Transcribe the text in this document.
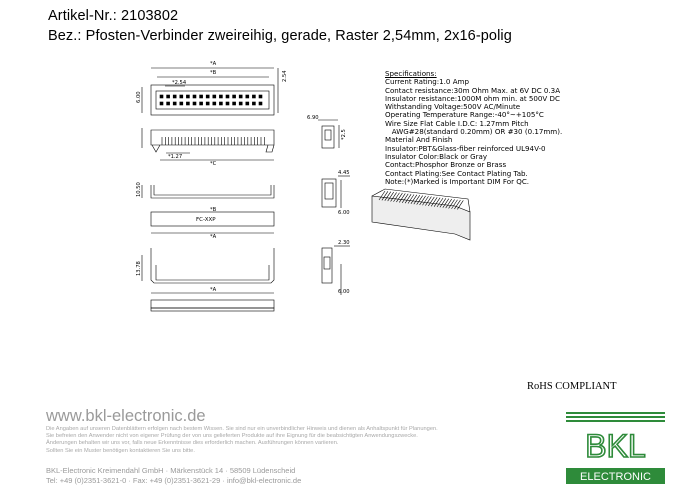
Artikel-Nr.: 2103802
Bez.: Pfosten-Verbinder zweireihig, gerade, Raster 2,54mm, 2x16-polig
*A
*B
*2.54
*1.27
*C
*B
*A
*A
6.90
4.45
6.00
2.30
6.00
FC-XXP
6.00
2.54
10.50
13.78
*2.5
Specifications:
Current Rating:1.0 Amp
Contact resistance:30m Ohm Max. at 6V DC 0.3A
Insulator resistance:1000M ohm min. at 500V DC
Withstanding Voltage:500V AC/Minute
Operating Temperature Range:-40°~+105°C
Wire Size Flat Cable I.D.C: 1.27mm Pitch
AWG#28(standard 0.20mm) OR #30 (0.17mm).
Material And Finish
Insulator:PBT&Glass-fiber reinforced UL94V-0
Insulator Color:Black or Gray
Contact:Phosphor Bronze or Brass
Contact Plating:See Contact Plating Tab.
Note:(*)Marked is Important DIM For QC.
RoHS COMPLIANT
www.bkl-electronic.de
Die Angaben auf unseren Datenblättern erfolgen nach bestem Wissen. Sie sind nur ein unverbindlicher Hinweis und dienen als Anhaltspunkt für Planungen.
Sie befreien den Anwender nicht von eigener Prüfung der von uns gelieferten Produkte auf ihre Eignung für die beabsichtigten Anwendungszwecke.
Änderungen behalten wir uns vor, falls neue Erkenntnisse dies erforderlich machen. Ausführungen können variieren.
Sollten Sie ein Muster benötigen kontaktieren Sie uns bitte.
BKL-Electronic Kreimendahl GmbH · Märkenstück 14 · 58509 Lüdenscheid
Tel: +49 (0)2351-3621-0 · Fax: +49 (0)2351-3621-29 · info@bkl-electronic.de
BKL
ELECTRONIC
